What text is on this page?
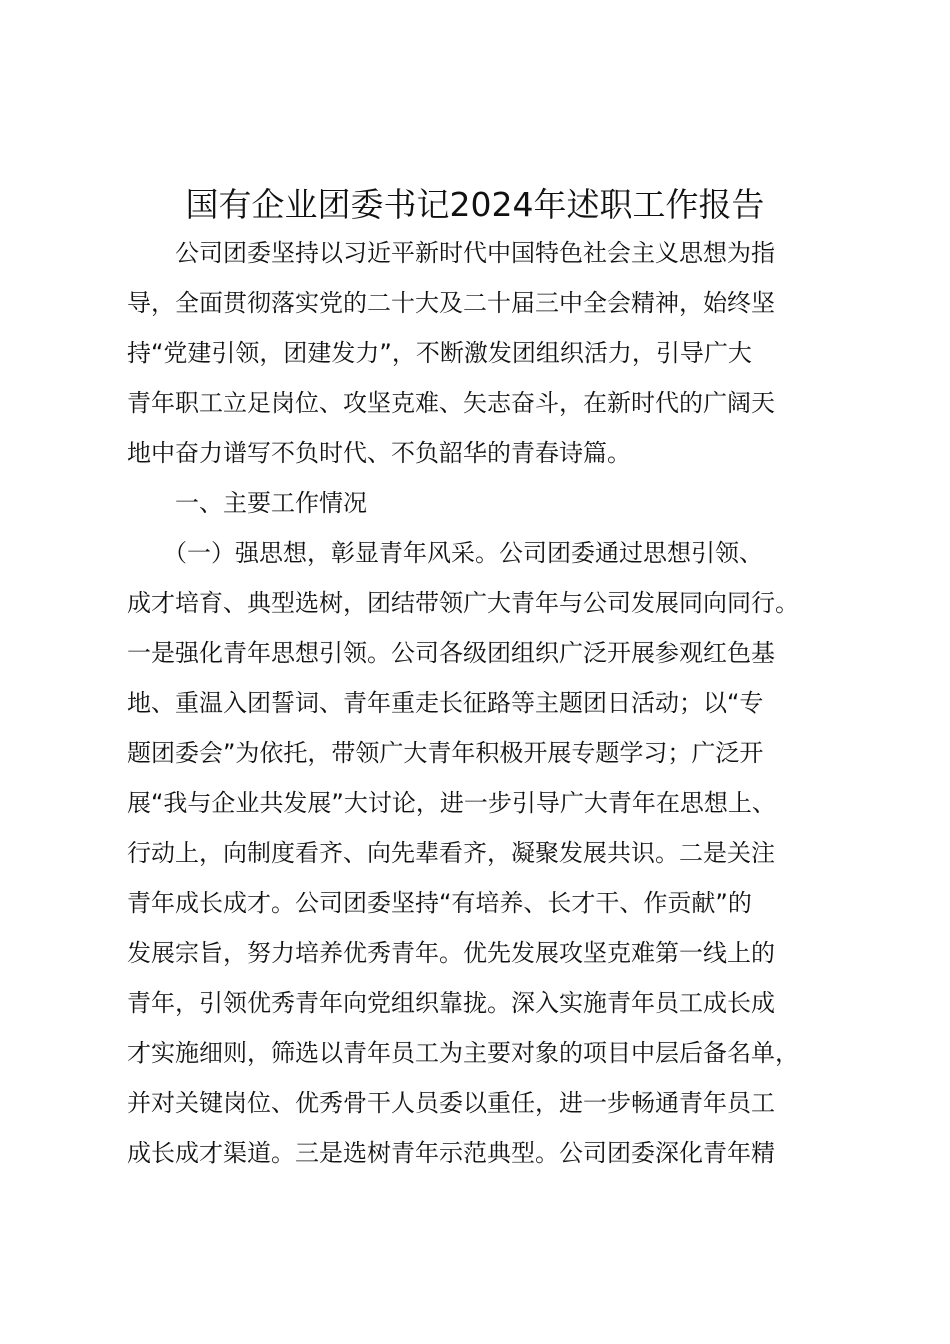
国有企业团委书记2024年述职工作报告
　　公司团委坚持以习近平新时代中国特色社会主义思想为指
导，全面贯彻落实党的二十大及二十届三中全会精神，始终坚
持“党建引领，团建发力”，不断激发团组织活力，引导广大
青年职工立足岗位、攻坚克难、矢志奋斗，在新时代的广阔天
地中奋力谱写不负时代、不负韶华的青春诗篇。
　　一、主要工作情况
　　（一）强思想，彰显青年风采。公司团委通过思想引领、
成才培育、典型选树，团结带领广大青年与公司发展同向同行。
一是强化青年思想引领。公司各级团组织广泛开展参观红色基
地、重温入团誓词、青年重走长征路等主题团日活动；以“专
题团委会”为依托，带领广大青年积极开展专题学习；广泛开
展“我与企业共发展”大讨论，进一步引导广大青年在思想上、
行动上，向制度看齐、向先辈看齐，凝聚发展共识。二是关注
青年成长成才。公司团委坚持“有培养、长才干、作贡献”的
发展宗旨，努力培养优秀青年。优先发展攻坚克难第一线上的
青年，引领优秀青年向党组织靠拢。深入实施青年员工成长成
才实施细则，筛选以青年员工为主要对象的项目中层后备名单，
并对关键岗位、优秀骨干人员委以重任，进一步畅通青年员工
成长成才渠道。三是选树青年示范典型。公司团委深化青年精
